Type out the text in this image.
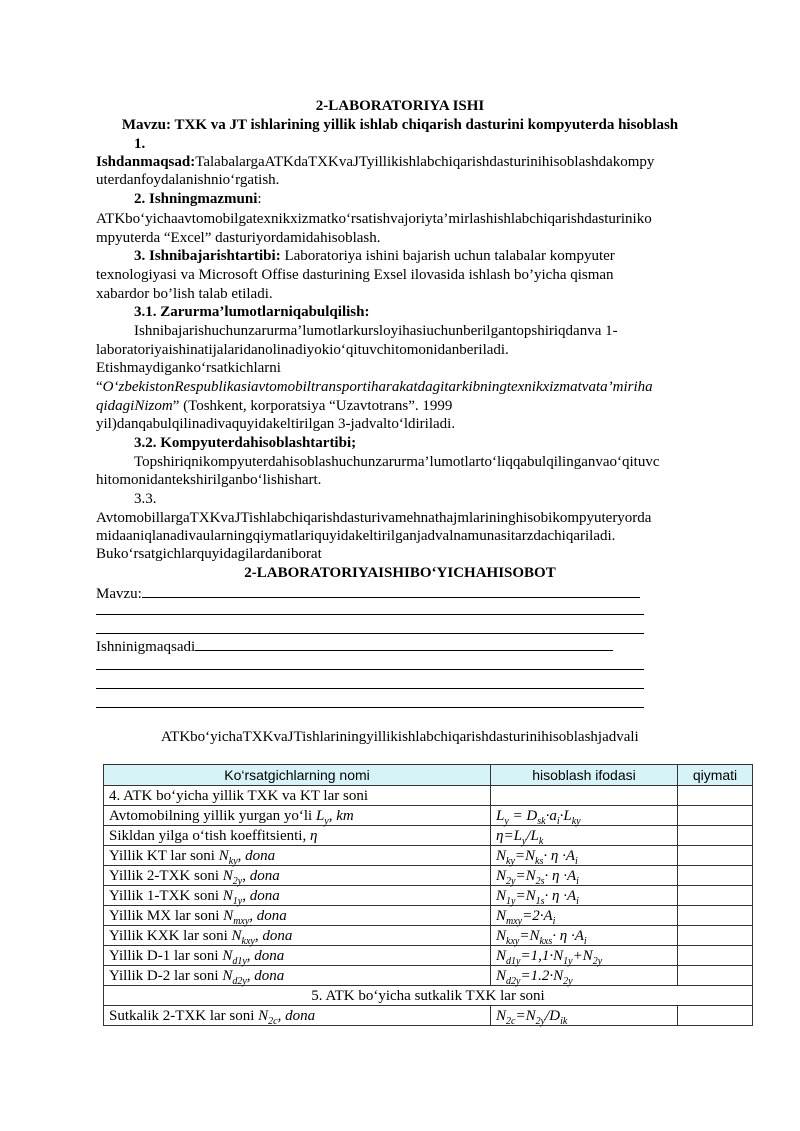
2-LABORATORIYA ISHI
Mavzu: TXK va JT ishlarining yillik ishlab chiqarish dasturini kompyuterda hisoblash
1.
Ishdanmaqsad:TalabalargaATKdaTXKvaJTyillikishlabchiqarishdasturinihisoblashdakompy
uterdanfoydalanishnio‘rgatish.
2. Ishningmazmuni:
ATKbo‘yichaavtomobilgatexnikxizmatko‘rsatishvajoriyta’mirlashishlabchiqarishdasturiniko
mpyuterda “Excel” dasturiyordamidahisoblash.
3. Ishnibajarishtartibi: Laboratoriya ishini bajarish uchun talabalar kompyuter
texnologiyasi va Microsoft Offise dasturining Exsel ilovasida ishlash bo’yicha qisman
xabardor bo’lish talab etiladi.
3.1. Zarurma’lumotlarniqabulqilish:
Ishnibajarishuchunzarurma’lumotlarkursloyihasiuchunberilgantopshiriqdanva 1-
laboratoriyaishinatijalaridanolinadiyokio‘qituvchitomonidanberiladi.
Etishmaydiganko‘rsatkichlarni
“O‘zbekistonRespublikasiavtomobiltransportiharakatdagitarkibningtexnikxizmatvata’miriha
qidagiNizom” (Toshkent, korporatsiya “Uzavtotrans”. 1999
yil)danqabulqilinadivaquyidakeltirilgan 3-jadvalto‘ldiriladi.
3.2. Kompyuterdahisoblashtartibi;
Topshiriqnikompyuterdahisoblashuchunzarurma’lumotlarto‘liqqabulqilinganvao‘qituvc
hitomonidantekshirilganbo‘lishishart.
3.3.
AvtomobillargaTXKvaJTishlabchiqarishdasturivamehnathajmlarininghisobikompyuteryorda
midaaniqlanadivaularningqiymatlariquyidakeltirilganjadvalnamunasitarzdachiqariladi.
Buko‘rsatgichlarquyidagilardaniborat
2-LABORATORIYAISHIBO‘YICHAHISOBOT
Mavzu:
Ishninigmaqsadi
ATKbo‘yichaTXKvaJTishlariningyillikishlabchiqarishdasturinihisoblashjadvali
Ko‘rsatgichlarning nomi	hisoblash ifodasi	qiymati
4. ATK bo‘yicha yillik TXK va KT lar soni		
Avtomobilning yillik yurgan yo‘li $L_y$, km	$L_y = D_{sk}\cdot a_i\cdot L_{ky}$	
Sikldan yilga o‘tish koeffitsienti, η	$\eta=L_y/L_k$	
Yillik KT lar soni $N_{ky}$, dona	$N_{ky}=N_{ks}\cdot \eta \cdot A_i$	
Yillik 2-TXK soni $N_{2y}$, dona	$N_{2y}=N_{2s}\cdot \eta \cdot A_i$	
Yillik 1-TXK soni $N_{1y}$, dona	$N_{1y}=N_{1s}\cdot \eta \cdot A_i$	
Yillik MX lar soni $N_{mxy}$, dona	$N_{mxy}=2\cdot A_i$	
Yillik KXK lar soni $N_{kxy}$, dona	$N_{kxy}=N_{kxs}\cdot \eta \cdot A_i$	
Yillik D-1 lar soni $N_{d1y}$, dona	$N_{d1y}=1,1\cdot N_{1y}+N_{2y}$	
Yillik D-2 lar soni $N_{d2y}$, dona	$N_{d2y}=1.2\cdot N_{2y}$	
5. ATK bo‘yicha sutkalik TXK lar soni		
Sutkalik 2-TXK lar soni $N_{2c}$, dona	$N_{2c}=N_{2y}/D_{ik}$	
